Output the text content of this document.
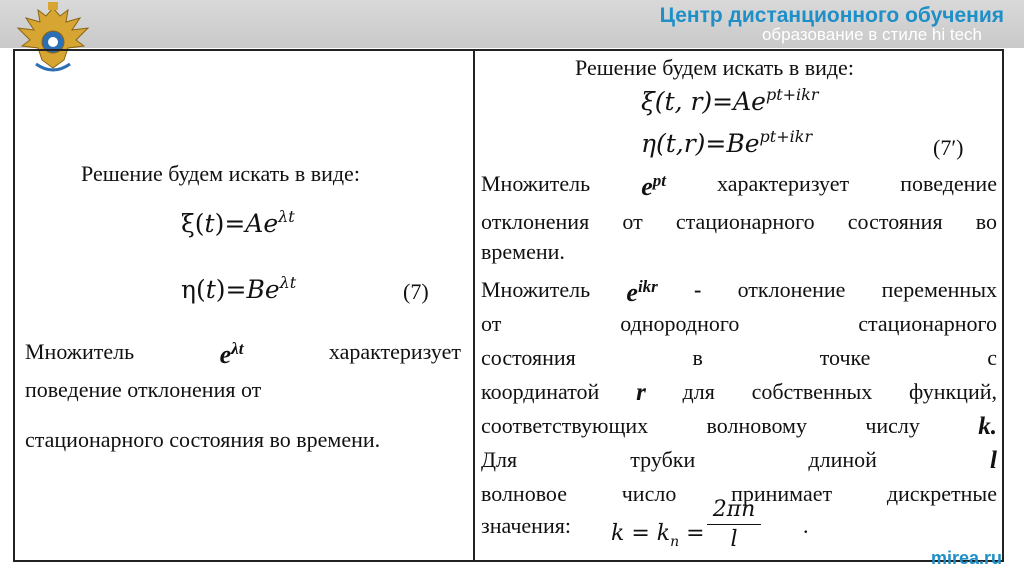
Центр дистанционного обучения
образование в стиле hi tech
Решение будем искать в виде:
$\xi(t)=Ae^{\lambda t}$
$\eta(t)=Be^{\lambda t}$	(7)
Множитель	$e^{\lambda t}$	характеризует
поведение отклонения от
стационарного состояния во времени.
Решение будем искать в виде:
ξ(t, $r)=Ae^{pt+ikr}$
$\eta(t,r)=Be^{pt+ikr}$	(7′)
Множитель $e^{pt}$ характеризует поведение
отклонения от стационарного состояния во
времени.
Множитель $e^{ikr}$ - отклонение переменных
от	однородного	стационарного
состояния	в	точке	с
координатой r для собственных функций,
соответствующих	волновому	числу k.
Для	трубки	длиной	l
волновое число принимает дискретные
значения: $k = k_n$ =
2πn
l
.
mirea.ru
